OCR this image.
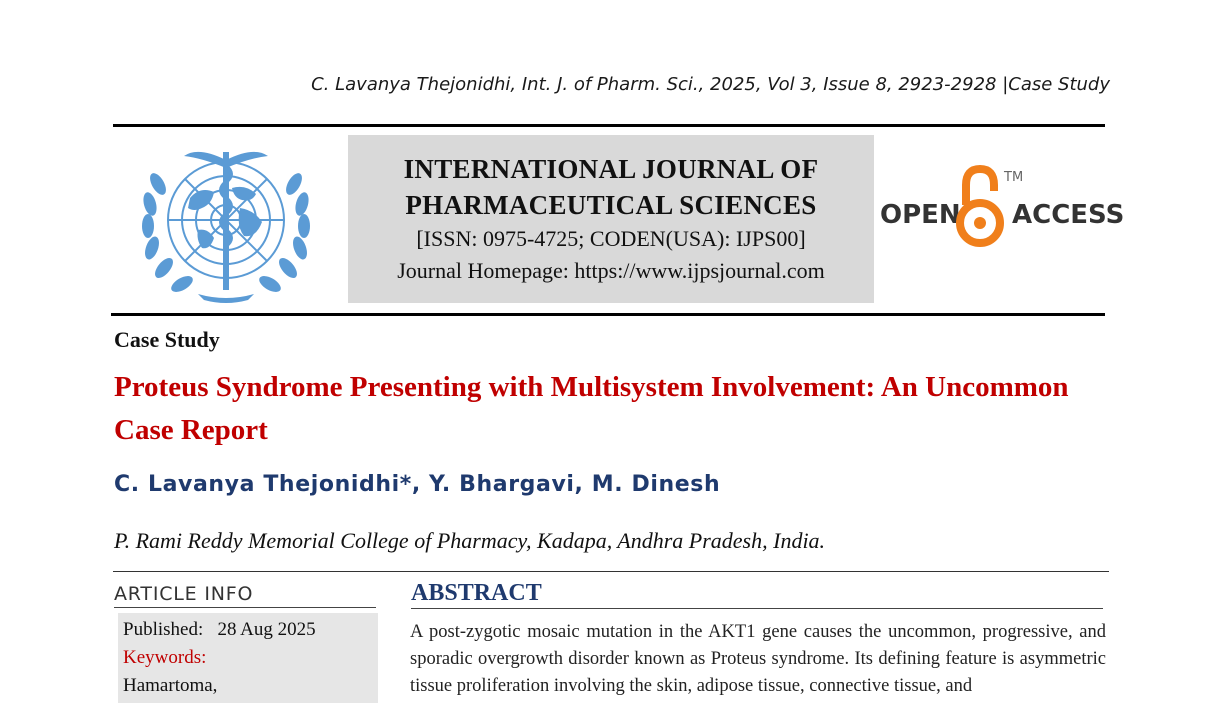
C. Lavanya Thejonidhi, Int. J. of Pharm. Sci., 2025, Vol 3, Issue 8, 2923-2928 |Case Study
INTERNATIONAL JOURNAL OF
PHARMACEUTICAL SCIENCES
[ISSN: 0975-4725; CODEN(USA): IJPS00]
Journal Homepage: https://www.ijpsjournal.com
OPEN ACCESS
TM
Case Study
Proteus Syndrome Presenting with Multisystem Involvement: An Uncommon Case Report
C. Lavanya Thejonidhi*, Y. Bhargavi, M. Dinesh
P. Rami Reddy Memorial College of Pharmacy, Kadapa, Andhra Pradesh, India.
ARTICLE INFO
Published: 28 Aug 2025
Keywords:
Hamartoma,
ABSTRACT
A post-zygotic mosaic mutation in the AKT1 gene causes the uncommon, progressive, and sporadic overgrowth disorder known as Proteus syndrome. Its defining feature is asymmetric tissue proliferation involving the skin, adipose tissue, connective tissue, and
